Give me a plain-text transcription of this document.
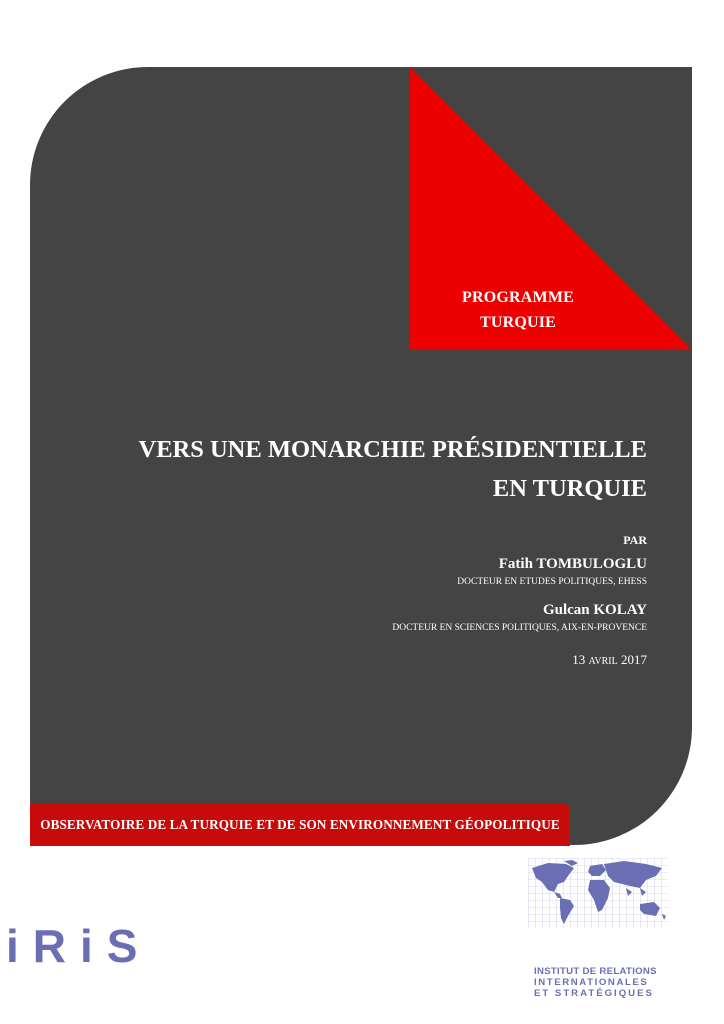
PROGRAMME
TURQUIE
VERS UNE MONARCHIE PRÉSIDENTIELLE
EN TURQUIE
PAR
Fatih TOMBULOGLU
DOCTEUR EN ETUDES POLITIQUES, EHESS
Gulcan KOLAY
DOCTEUR EN SCIENCES POLITIQUES, AIX-EN-PROVENCE
13 AVRIL 2017
OBSERVATOIRE DE LA TURQUIE ET DE SON ENVIRONNEMENT GÉOPOLITIQUE
iRiS	INSTITUT DE RELATIONS
INTERNATIONALES
ET STRATÉGIQUES
